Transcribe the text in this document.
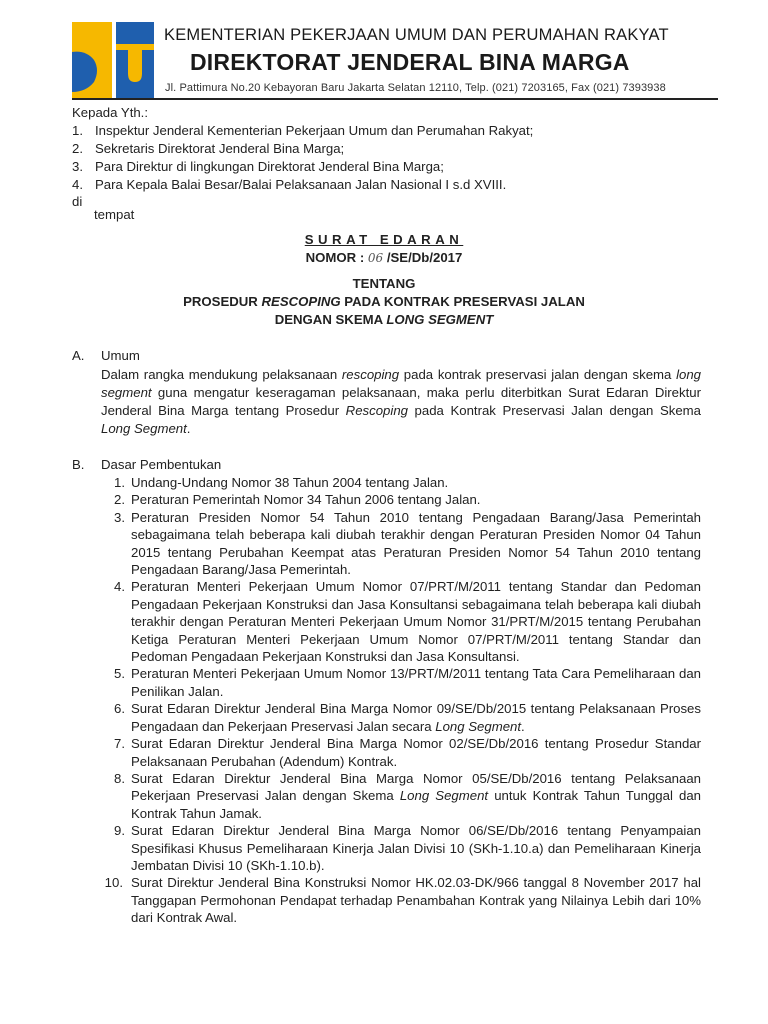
KEMENTERIAN PEKERJAAN UMUM DAN PERUMAHAN RAKYAT
DIREKTORAT JENDERAL BINA MARGA
Jl. Pattimura No.20 Kebayoran Baru Jakarta Selatan 12110, Telp. (021) 7203165, Fax (021) 7393938
Kepada Yth.:
1. Inspektur Jenderal Kementerian Pekerjaan Umum dan Perumahan Rakyat;
2. Sekretaris Direktorat Jenderal Bina Marga;
3. Para Direktur di lingkungan Direktorat Jenderal Bina Marga;
4. Para Kepala Balai Besar/Balai Pelaksanaan Jalan Nasional I s.d XVIII.
di
tempat
SURAT EDARAN
NOMOR : 06 /SE/Db/2017
TENTANG
PROSEDUR RESCOPING PADA KONTRAK PRESERVASI JALAN
DENGAN SKEMA LONG SEGMENT
A. Umum
Dalam rangka mendukung pelaksanaan rescoping pada kontrak preservasi jalan dengan skema long segment guna mengatur keseragaman pelaksanaan, maka perlu diterbitkan Surat Edaran Direktur Jenderal Bina Marga tentang Prosedur Rescoping pada Kontrak Preservasi Jalan dengan Skema Long Segment.
B. Dasar Pembentukan
1. Undang-Undang Nomor 38 Tahun 2004 tentang Jalan.
2. Peraturan Pemerintah Nomor 34 Tahun 2006 tentang Jalan.
3. Peraturan Presiden Nomor 54 Tahun 2010 tentang Pengadaan Barang/Jasa Pemerintah sebagaimana telah beberapa kali diubah terakhir dengan Peraturan Presiden Nomor 04 Tahun 2015 tentang Perubahan Keempat atas Peraturan Presiden Nomor 54 Tahun 2010 tentang Pengadaan Barang/Jasa Pemerintah.
4. Peraturan Menteri Pekerjaan Umum Nomor 07/PRT/M/2011 tentang Standar dan Pedoman Pengadaan Pekerjaan Konstruksi dan Jasa Konsultansi sebagaimana telah beberapa kali diubah terakhir dengan Peraturan Menteri Pekerjaan Umum Nomor 31/PRT/M/2015 tentang Perubahan Ketiga Peraturan Menteri Pekerjaan Umum Nomor 07/PRT/M/2011 tentang Standar dan Pedoman Pengadaan Pekerjaan Konstruksi dan Jasa Konsultansi.
5. Peraturan Menteri Pekerjaan Umum Nomor 13/PRT/M/2011 tentang Tata Cara Pemeliharaan dan Penilikan Jalan.
6. Surat Edaran Direktur Jenderal Bina Marga Nomor 09/SE/Db/2015 tentang Pelaksanaan Proses Pengadaan dan Pekerjaan Preservasi Jalan secara Long Segment.
7. Surat Edaran Direktur Jenderal Bina Marga Nomor 02/SE/Db/2016 tentang Prosedur Standar Pelaksanaan Perubahan (Adendum) Kontrak.
8. Surat Edaran Direktur Jenderal Bina Marga Nomor 05/SE/Db/2016 tentang Pelaksanaan Pekerjaan Preservasi Jalan dengan Skema Long Segment untuk Kontrak Tahun Tunggal dan Kontrak Tahun Jamak.
9. Surat Edaran Direktur Jenderal Bina Marga Nomor 06/SE/Db/2016 tentang Penyampaian Spesifikasi Khusus Pemeliharaan Kinerja Jalan Divisi 10 (SKh-1.10.a) dan Pemeliharaan Kinerja Jembatan Divisi 10 (SKh-1.10.b).
10. Surat Direktur Jenderal Bina Konstruksi Nomor HK.02.03-DK/966 tanggal 8 November 2017 hal Tanggapan Permohonan Pendapat terhadap Penambahan Kontrak yang Nilainya Lebih dari 10% dari Kontrak Awal.
